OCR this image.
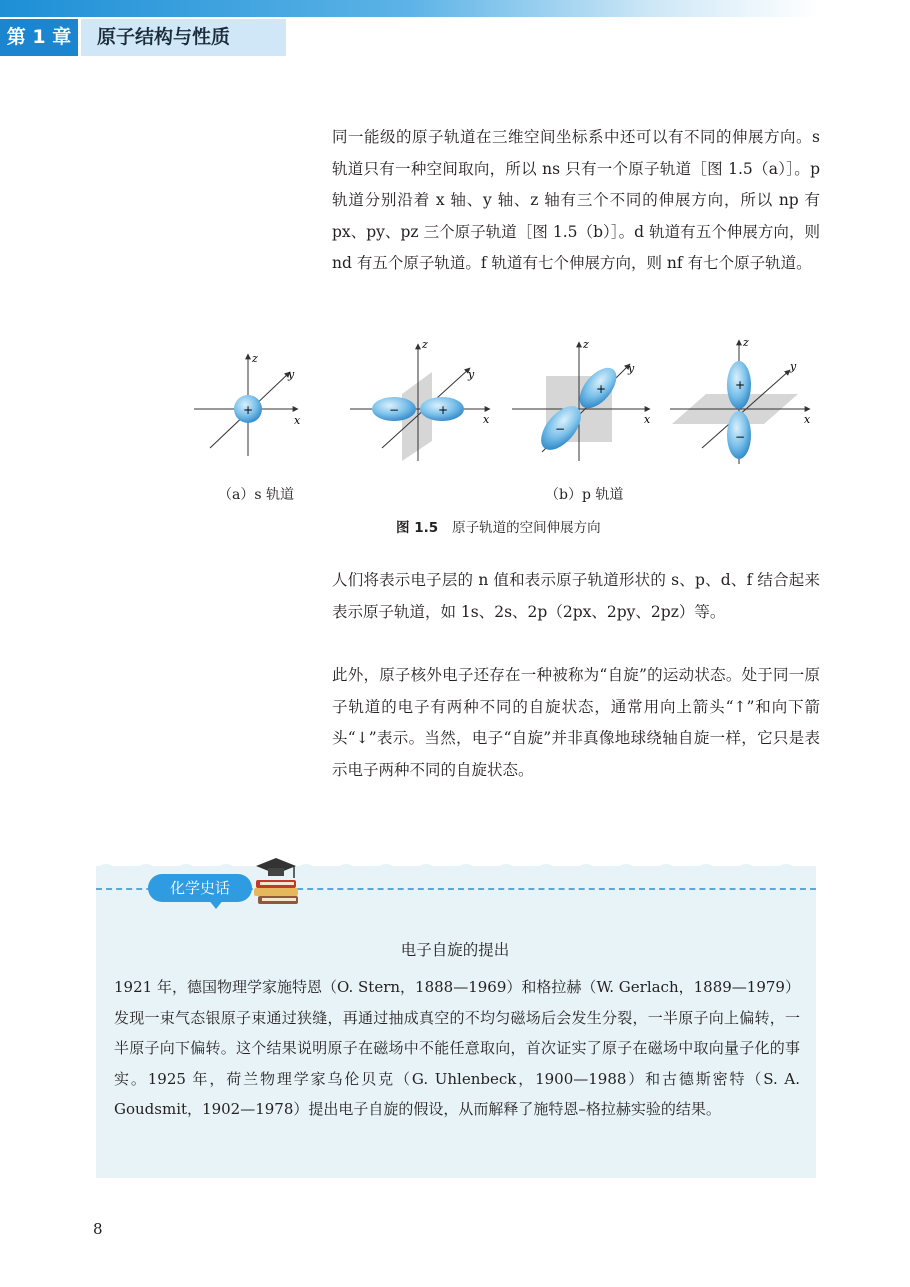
第 1 章	原子结构与性质

同一能级的原子轨道在三维空间坐标系中还可以有不同的伸展方向。s 轨道只有一种空间取向，所以 ns 只有一个原子轨道［图 1.5（a）］。p 轨道分别沿着 x 轴、y 轴、z 轴有三个不同的伸展方向，所以 np 有 px、py、pz 三个原子轨道［图 1.5（b）］。d 轨道有五个伸展方向，则 nd 有五个原子轨道。f 轨道有七个伸展方向，则 nf 有七个原子轨道。

+
x
z
y
−	+
x
z
y
+
−
x
z
y
+
−
x
z
y
（a）s 轨道	（b）p 轨道
图 1.5 原子轨道的空间伸展方向

人们将表示电子层的 n 值和表示原子轨道形状的 s、p、d、f 结合起来表示原子轨道，如 1s、2s、2p（2px、2py、2pz）等。

此外，原子核外电子还存在一种被称为“自旋”的运动状态。处于同一原子轨道的电子有两种不同的自旋状态，通常用向上箭头“↑”和向下箭头“↓”表示。当然，电子“自旋”并非真像地球绕轴自旋一样，它只是表示电子两种不同的自旋状态。

化学史话
电子自旋的提出

1921 年，德国物理学家施特恩（O. Stern，1888—1969）和格拉赫（W. Gerlach，1889—1979）发现一束气态银原子束通过狭缝，再通过抽成真空的不均匀磁场后会发生分裂，一半原子向上偏转，一半原子向下偏转。这个结果说明原子在磁场中不能任意取向，首次证实了原子在磁场中取向量子化的事实。1925 年，荷兰物理学家乌伦贝克（G. Uhlenbeck，1900—1988）和古德斯密特（S. A. Goudsmit，1902—1978）提出电子自旋的假设，从而解释了施特恩–格拉赫实验的结果。

8
